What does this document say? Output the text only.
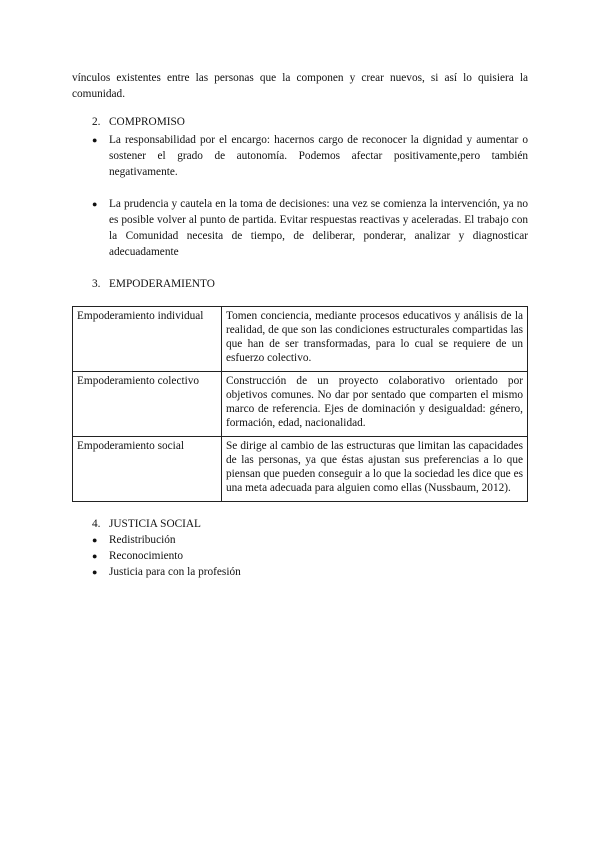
vínculos existentes entre las personas que la componen y crear nuevos, si así lo quisiera la comunidad.

2. COMPROMISO
●	La responsabilidad por el encargo: hacernos cargo de reconocer la dignidad y aumentar o sostener el grado de autonomía. Podemos afectar positivamente,pero también negativamente.
●	La prudencia y cautela en la toma de decisiones: una vez se comienza la intervención, ya no es posible volver al punto de partida. Evitar respuestas reactivas y aceleradas. El trabajo con la Comunidad necesita de tiempo, de deliberar, ponderar, analizar y diagnosticar adecuadamente
3. EMPODERAMIENTO
Empoderamiento individual	Tomen conciencia, mediante procesos educativos y análisis de la realidad, de que son las condiciones estructurales compartidas las que han de ser transformadas, para lo cual se requiere de un esfuerzo colectivo.
Empoderamiento colectivo	Construcción de un proyecto colaborativo orientado por objetivos comunes. No dar por sentado que comparten el mismo marco de referencia. Ejes de dominación y desigualdad: género, formación, edad, nacionalidad.
Empoderamiento social	Se dirige al cambio de las estructuras que limitan las capacidades de las personas, ya que éstas ajustan sus preferencias a lo que piensan que pueden conseguir a lo que la sociedad les dice que es una meta adecuada para alguien como ellas (Nussbaum, 2012).
4. JUSTICIA SOCIAL
●	Redistribución
●	Reconocimiento
●	Justicia para con la profesión
